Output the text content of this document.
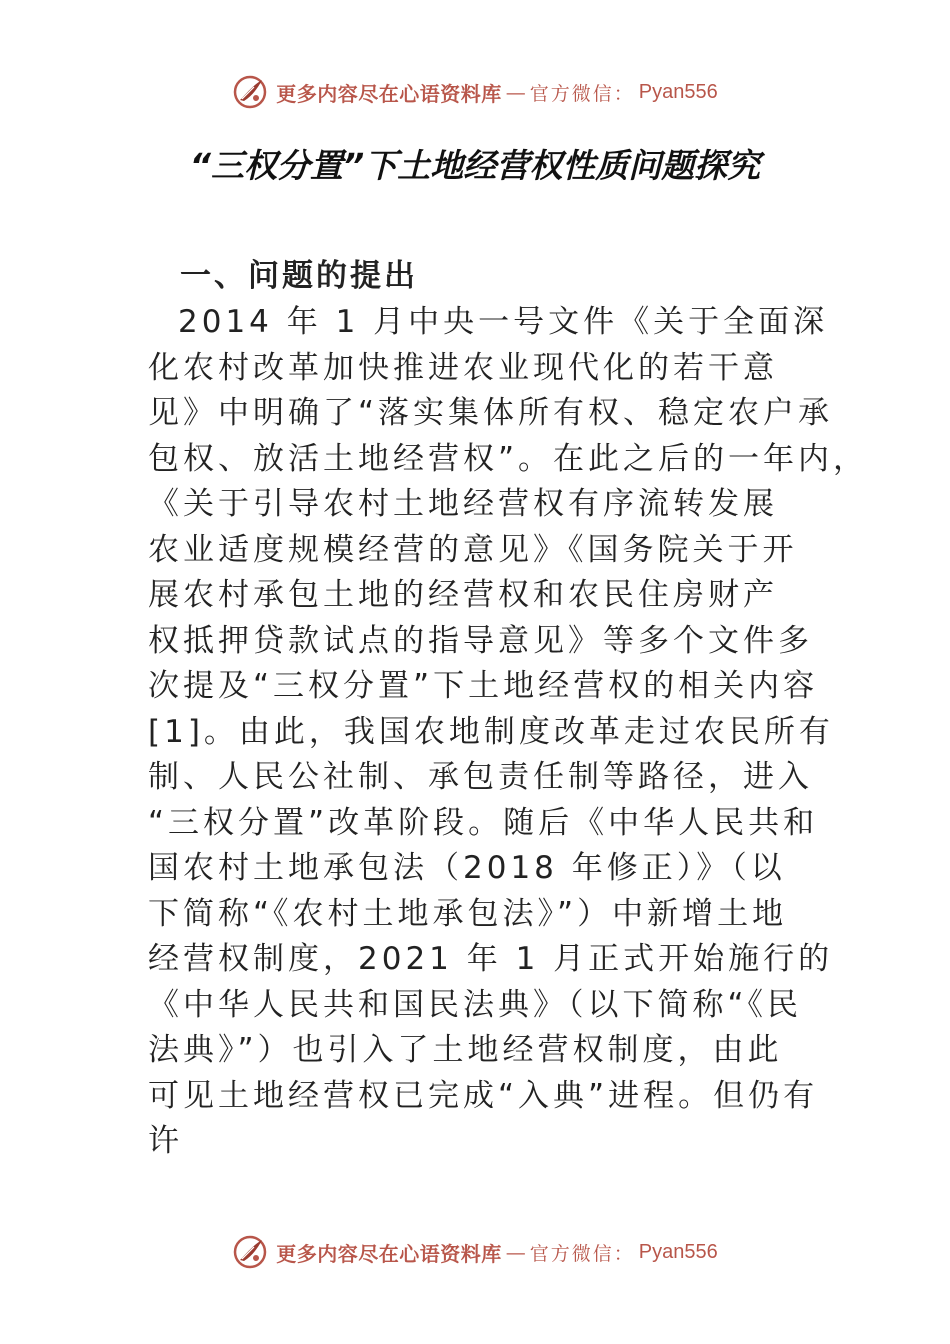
更多内容尽在心语资料库 — 官方微信： Pyan556
“三权分置”下土地经营权性质问题探究
一、问题的提出
2014 年 1 月中央一号文件《关于全面深
化农村改革加快推进农业现代化的若干意
见》中明确了“落实集体所有权、稳定农户承
包权、放活土地经营权”。在此之后的一年内，
《关于引导农村土地经营权有序流转发展
农业适度规模经营的意见》《国务院关于开
展农村承包土地的经营权和农民住房财产
权抵押贷款试点的指导意见》等多个文件多
次提及“三权分置”下土地经营权的相关内容
[1]。由此，我国农地制度改革走过农民所有
制、人民公社制、承包责任制等路径，进入
“三权分置”改革阶段。随后《中华人民共和
国农村土地承包法（2018 年修正）》（以
下简称“《农村土地承包法》”）中新增土地
经营权制度，2021 年 1 月正式开始施行的
《中华人民共和国民法典》（以下简称“《民
法典》”）也引入了土地经营权制度，由此
可见土地经营权已完成“入典”进程。但仍有
许
更多内容尽在心语资料库 — 官方微信： Pyan556
